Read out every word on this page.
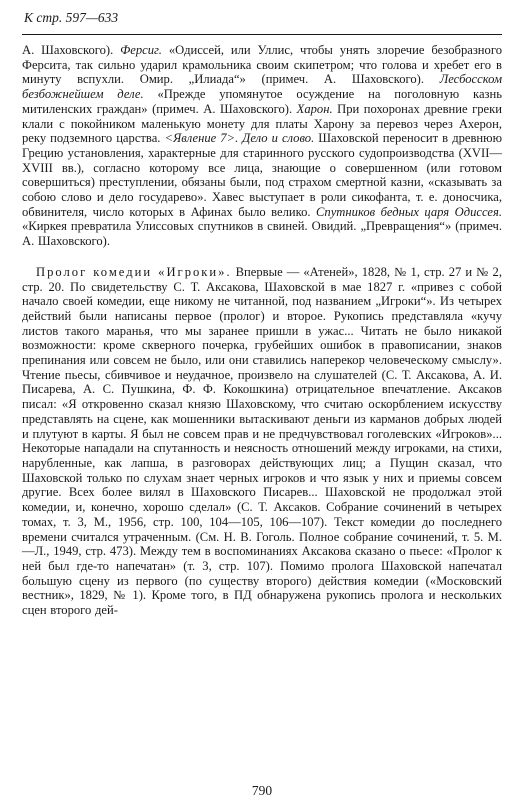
К стр. 597—633

А. Шаховского). Ферсиг. «Одиссей, или Уллис, чтобы унять злоречие безобразного Ферсита, так сильно ударил крамольника своим скипетром; что голова и хребет его в минуту вспухли. Омир. „Илиада“» (примеч. А. Шаховского). Лесбосском безбожнейшем деле. «Прежде упомянутое осуждение на поголовную казнь митиленских граждан» (примеч. А. Шаховского). Харон. При похоронах древние греки клали с покойником маленькую монету для платы Харону за перевоз через Ахерон, реку подземного царства. <Явление 7>. Дело и слово. Шаховской переносит в древнюю Грецию установления, характерные для старинного русского судопроизводства (XVII—XVIII вв.), согласно которому все лица, знающие о совершенном (или готовом совершиться) преступлении, обязаны были, под страхом смертной казни, «сказывать за собою слово и дело государево». Хавес выступает в роли сикофанта, т. е. доносчика, обвинителя, число которых в Афинах было велико. Спутников бедных царя Одиссея. «Киркея превратила Улиссовых спутников в свиней. Овидий. „Превращения“» (примеч. А. Шаховского).

Пролог комедии «Игроки». Впервые — «Атеней», 1828, № 1, стр. 27 и № 2, стр. 20. По свидетельству С. Т. Аксакова, Шаховской в мае 1827 г. «привез с собой начало своей комедии, еще никому не читанной, под названием „Игроки“». Из четырех действий были написаны первое (пролог) и второе. Рукопись представляла «кучу листов такого маранья, что мы заранее пришли в ужас... Читать не было никакой возможности: кроме скверного почерка, грубейших ошибок в правописании, знаков препинания или совсем не было, или они ставились наперекор человеческому смыслу». Чтение пьесы, сбивчивое и неудачное, произвело на слушателей (С. Т. Аксакова, А. И. Писарева, А. С. Пушкина, Ф. Ф. Кокошкина) отрицательное впечатление. Аксаков писал: «Я откровенно сказал князю Шаховскому, что считаю оскорблением искусству представлять на сцене, как мошенники вытаскивают деньги из карманов добрых людей и плутуют в карты. Я был не совсем прав и не предчувствовал гоголевских «Игроков»... Некоторые нападали на спутанность и неясность отношений между игроками, на стихи, нарубленные, как лапша, в разговорах действующих лиц; а Пущин сказал, что Шаховской только по слухам знает черных игроков и что язык у них и приемы совсем другие. Всех более вилял в Шаховского Писарев... Шаховской не продолжал этой комедии, и, конечно, хорошо сделал» (С. Т. Аксаков. Собрание сочинений в четырех томах, т. 3, М., 1956, стр. 100, 104—105, 106—107). Текст комедии до последнего времени считался утраченным. (См. Н. В. Гоголь. Полное собрание сочинений, т. 5. М.—Л., 1949, стр. 473). Между тем в воспоминаниях Аксакова сказано о пьесе: «Пролог к ней был где-то напечатан» (т. 3, стр. 107). Помимо пролога Шаховской напечатал большую сцену из первого (по существу второго) действия комедии («Московский вестник», 1829, № 1). Кроме того, в ПД обнаружена рукопись пролога и нескольких сцен второго дей-

790
